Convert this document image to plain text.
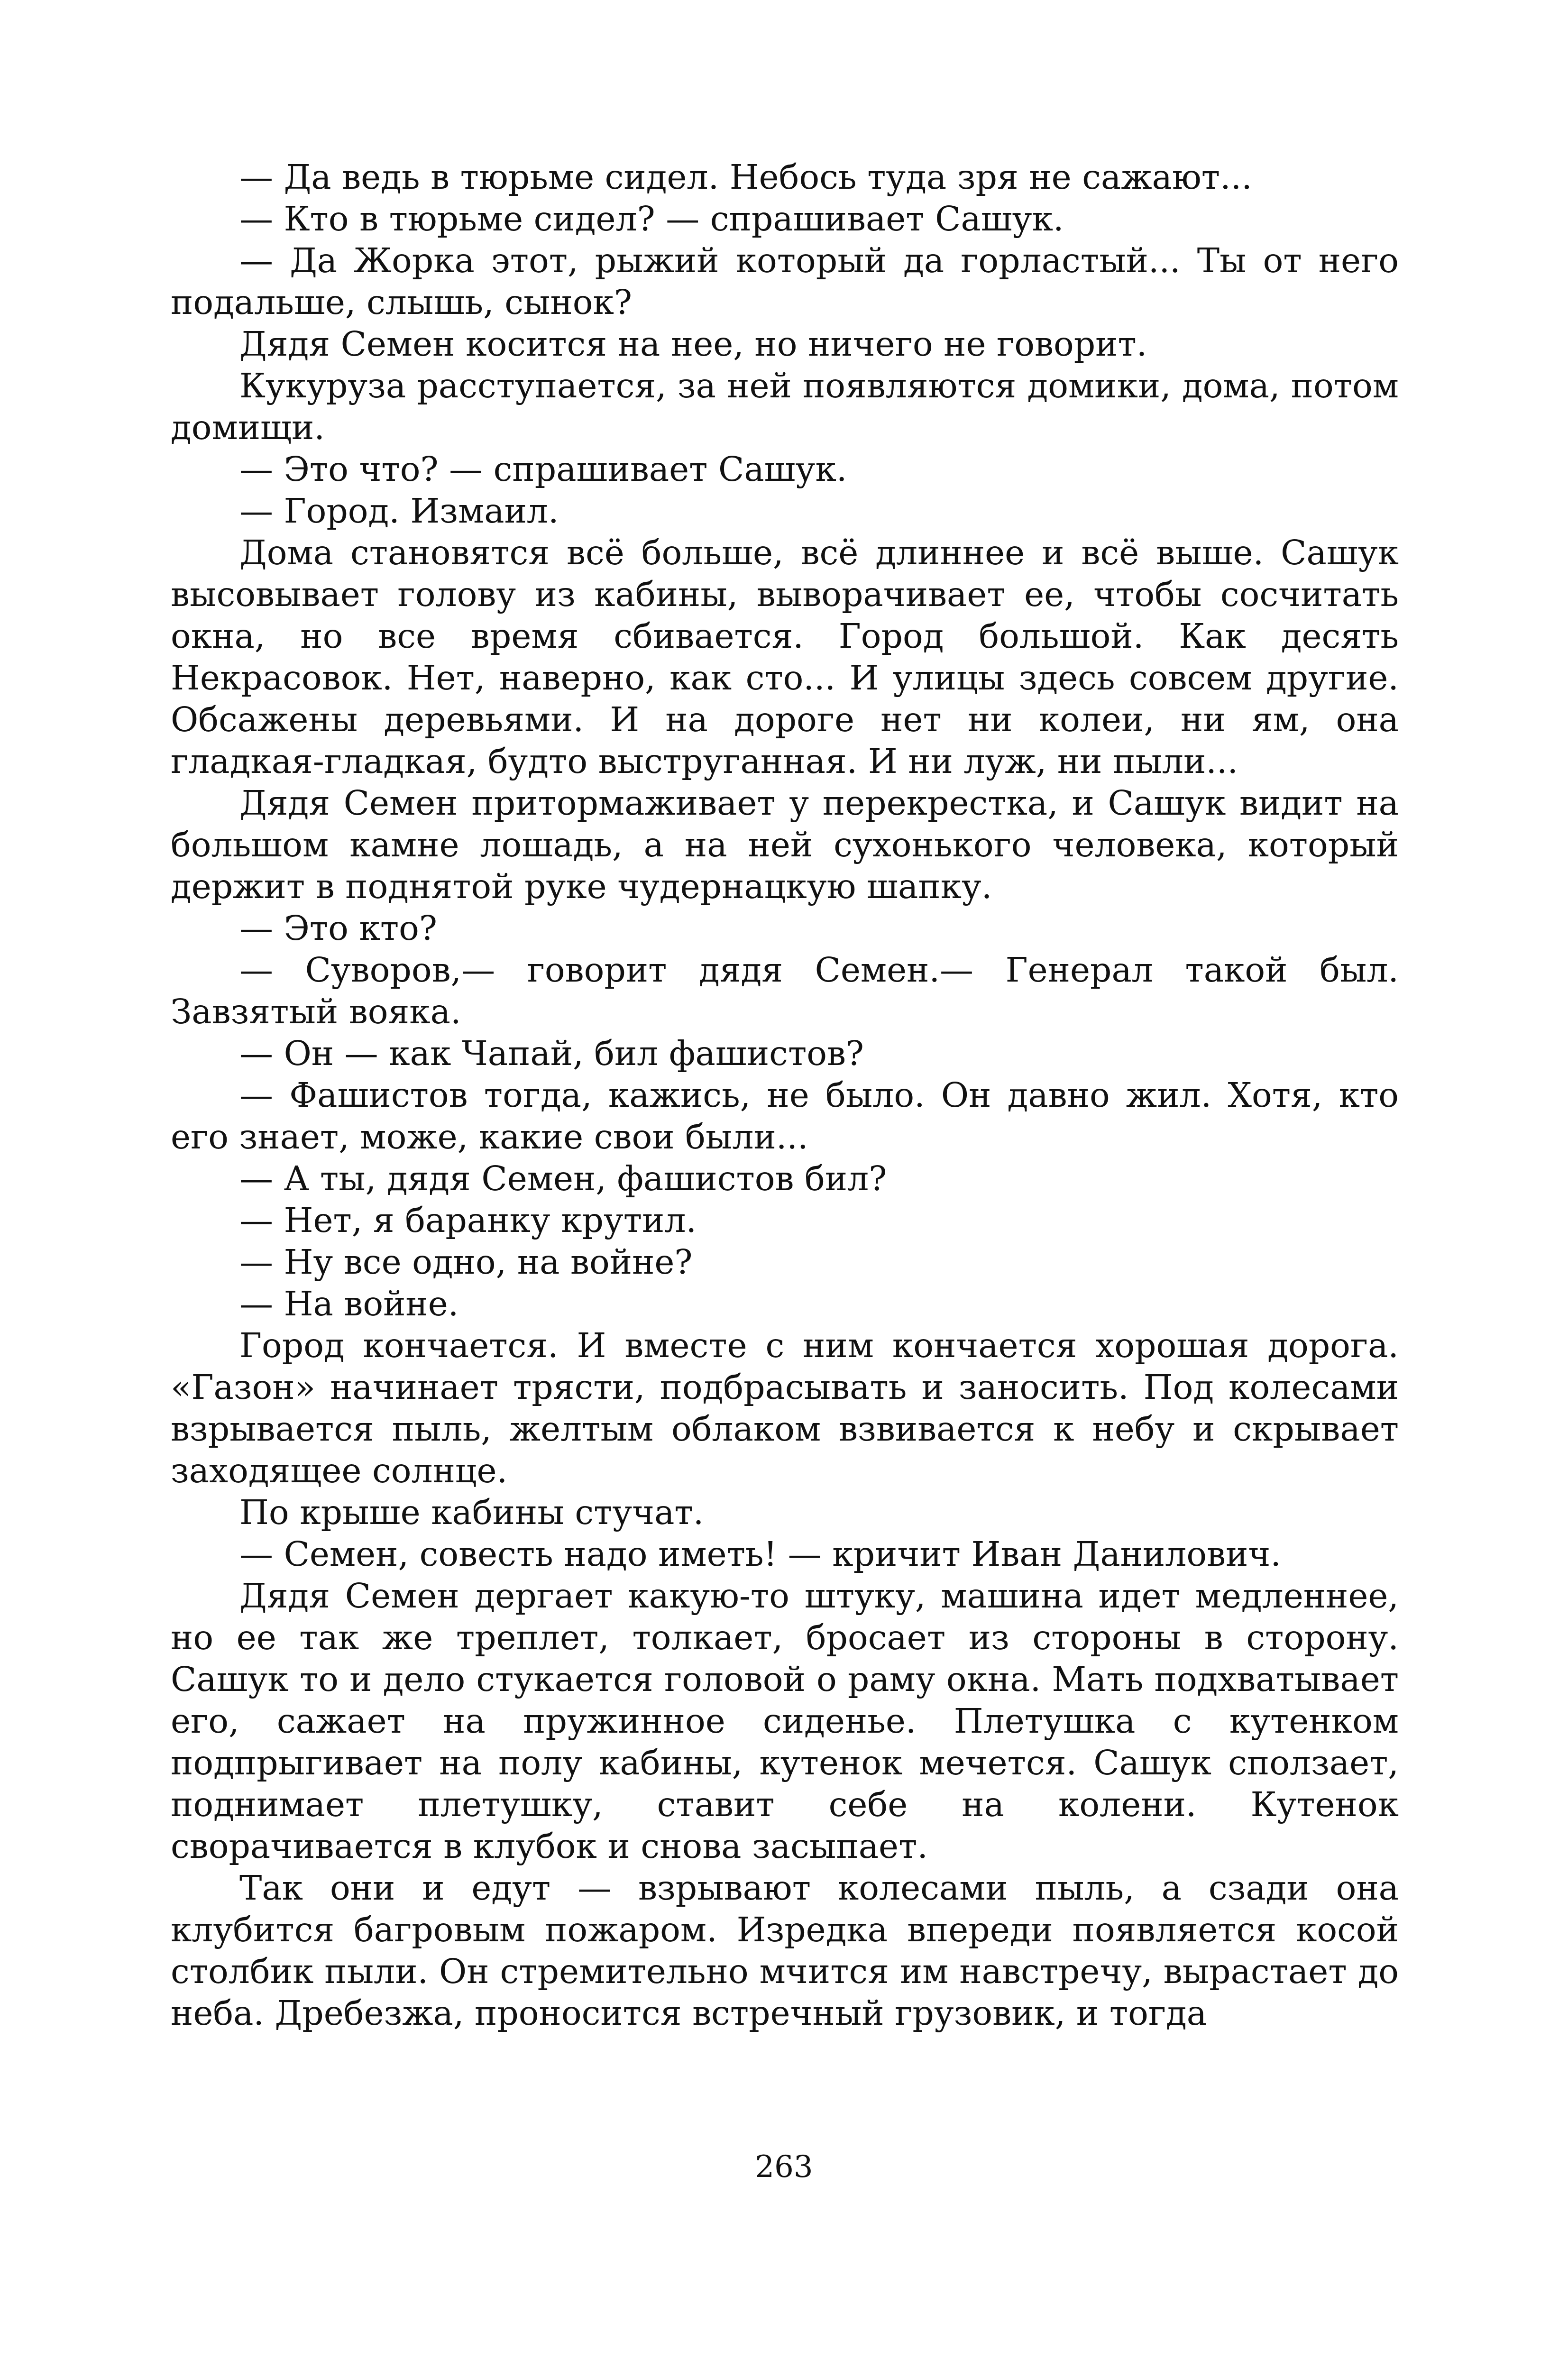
— Да ведь в тюрьме сидел. Небось туда зря не сажают...

— Кто в тюрьме сидел? — спрашивает Сашук.

— Да Жорка этот, рыжий который да горластый... Ты от него подальше, слышь, сынок?

Дядя Семен косится на нее, но ничего не говорит.

Кукуруза расступается, за ней появляются домики, дома, потом домищи.

— Это что? — спрашивает Сашук.

— Город. Измаил.

Дома становятся всё больше, всё длиннее и всё выше. Сашук высовывает голову из кабины, выворачивает ее, чтобы сосчитать окна, но все время сбивается. Город большой. Как десять Некрасовок. Нет, наверно, как сто... И улицы здесь совсем другие. Обсажены деревьями. И на дороге нет ни колеи, ни ям, она гладкая-гладкая, будто выструганная. И ни луж, ни пыли...

Дядя Семен притормаживает у перекрестка, и Сашук видит на большом камне лошадь, а на ней сухонького человека, который держит в поднятой руке чудернацкую шапку.

— Это кто?

— Суворов,— говорит дядя Семен.— Генерал такой был. Завзятый вояка.

— Он — как Чапай, бил фашистов?

— Фашистов тогда, кажись, не было. Он давно жил. Хотя, кто его знает, може, какие свои были...

— А ты, дядя Семен, фашистов бил?

— Нет, я баранку крутил.

— Ну все одно, на войне?

— На войне.

Город кончается. И вместе с ним кончается хорошая дорога. «Газон» начинает трясти, подбрасывать и заносить. Под колесами взрывается пыль, желтым облаком взвивается к небу и скрывает заходящее солнце.

По крыше кабины стучат.

— Семен, совесть надо иметь! — кричит Иван Данилович.

Дядя Семен дергает какую-то штуку, машина идет медленнее, но ее так же треплет, толкает, бросает из стороны в сторону. Сашук то и дело стукается головой о раму окна. Мать подхватывает его, сажает на пружинное сиденье. Плетушка с кутенком подпрыгивает на полу кабины, кутенок мечется. Сашук сползает, поднимает плетушку, ставит себе на колени. Кутенок сворачивается в клубок и снова засыпает.

Так они и едут — взрывают колесами пыль, а сзади она клубится багровым пожаром. Изредка впереди появляется косой столбик пыли. Он стремительно мчится им навстречу, вырастает до неба. Дребезжа, проносится встречный грузовик, и тогда

263
